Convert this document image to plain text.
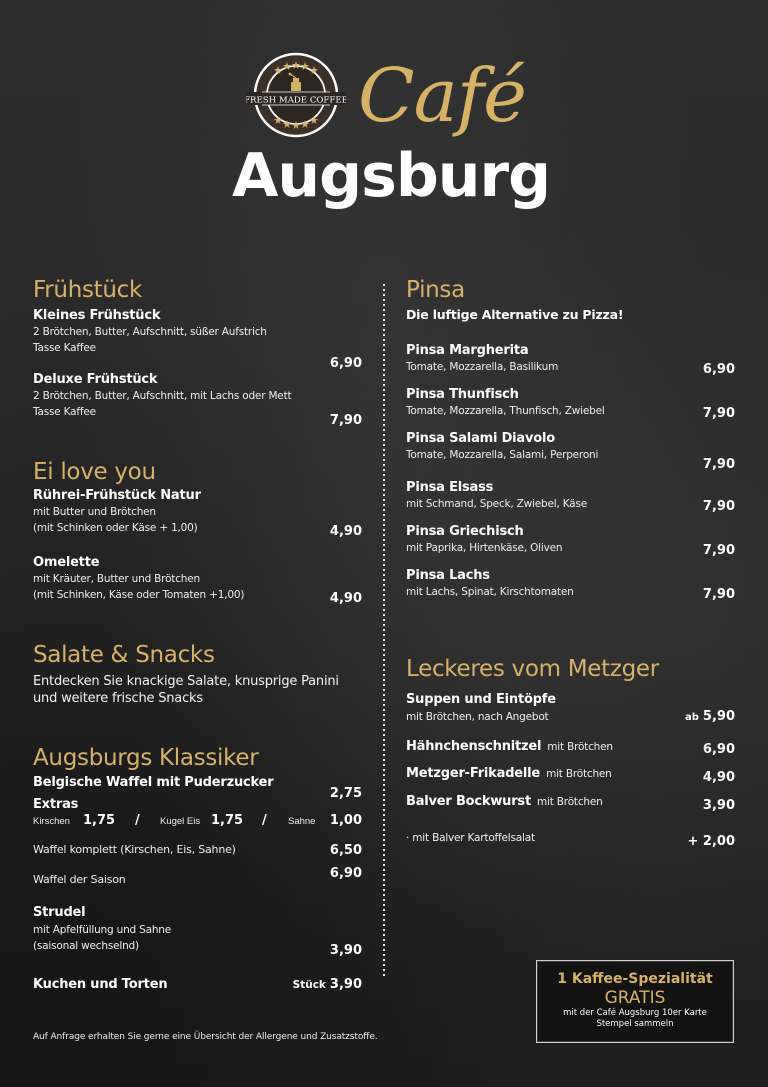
FRESH MADE COFFEE Café
Augsburg
Frühstück
Kleines Frühstück
2 Brötchen, Butter, Aufschnitt, süßer Aufstrich
Tasse Kaffee
6,90
Deluxe Frühstück
2 Brötchen, Butter, Aufschnitt, mit Lachs oder Mett
Tasse Kaffee
7,90
Ei love you
Rührei-Frühstück Natur
mit Butter und Brötchen
(mit Schinken oder Käse + 1,00)	4,90
Omelette
mit Kräuter, Butter und Brötchen
(mit Schinken, Käse oder Tomaten +1,00)	4,90
Salate & Snacks
Entdecken Sie knackige Salate, knusprige Panini
und weitere frische Snacks
Augsburgs Klassiker
Belgische Waffel mit Puderzucker
2,75
Extras
Kirschen 1,75 / Kugel Eis 1,75 / Sahne 1,00
Waffel komplett (Kirschen, Eis, Sahne)	6,50
Waffel der Saison	6,90
Strudel
mit Apfelfüllung und Sahne
(saisonal wechselnd)	3,90
Kuchen und Torten	Stück 3,90
Auf Anfrage erhalten Sie gerne eine Übersicht der Allergene und Zusatzstoffe.
Pinsa
Die luftige Alternative zu Pizza!
Pinsa Margherita
Tomate, Mozzarella, Basilikum	6,90
Pinsa Thunfisch
Tomate, Mozzarella, Thunfisch, Zwiebel	7,90
Pinsa Salami Diavolo
Tomate, Mozzarella, Salami, Perperoni
7,90
Pinsa Elsass
mit Schmand, Speck, Zwiebel, Käse	7,90
Pinsa Griechisch
mit Paprika, Hirtenkäse, Oliven	7,90
Pinsa Lachs
mit Lachs, Spinat, Kirschtomaten	7,90
Leckeres vom Metzger
Suppen und Eintöpfe
mit Brötchen, nach Angebot	ab 5,90
Hähnchenschnitzel mit Brötchen	6,90
Metzger-Frikadelle mit Brötchen	4,90
Balver Bockwurst mit Brötchen	3,90
· mit Balver Kartoffelsalat	+ 2,00
1 Kaffee-Spezialität
GRATIS
mit der Café Augsburg 10er Karte
Stempel sammeln
